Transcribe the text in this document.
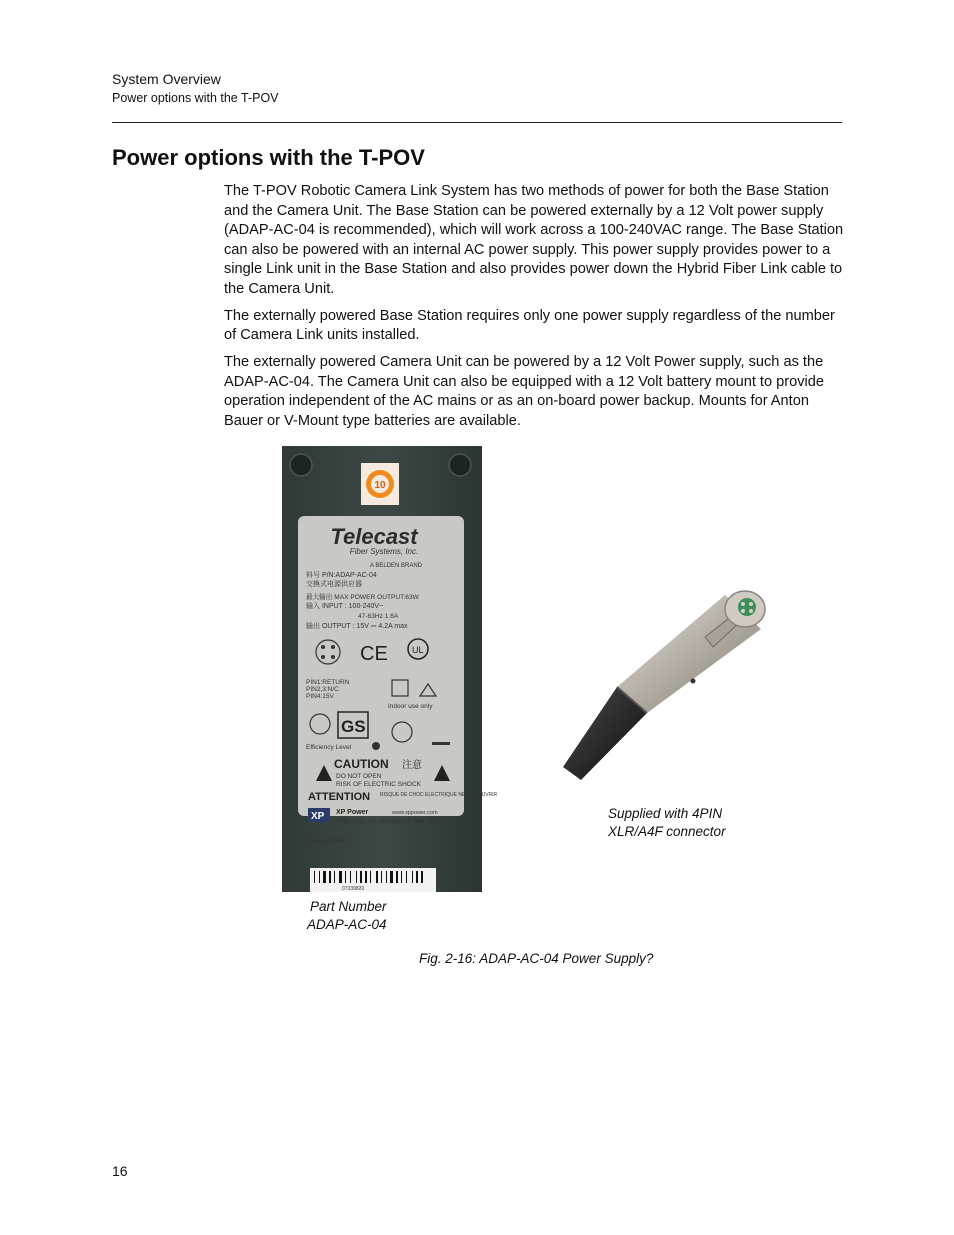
System Overview
Power options with the T-POV
Power options with the T-POV

The T-POV Robotic Camera Link System has two methods of power for both the Base Station and the Camera Unit. The Base Station can be powered externally by a 12 Volt power supply (ADAP-AC-04 is recommended), which will work across a 100-240VAC range. The Base Station can also be powered with an internal AC power supply. This power supply provides power to a single Link unit in the Base Station and also provides power down the Hybrid Fiber Link cable to the Camera Unit.

The externally powered Base Station requires only one power supply regardless of the number of Camera Link units installed.

The externally powered Camera Unit can be powered by a 12 Volt Power supply, such as the ADAP-AC-04. The Camera Unit can also be equipped with a 12 Volt battery mount to provide operation independent of the AC mains or as an on-board power backup. Mounts for Anton Bauer or V-Mount type batteries are available.

10
Telecast
Fiber Systems, Inc.
A BELDEN BRAND
料号 P/N:ADAP-AC-04
交換式电源供应器
最大输出 MAX POWER OUTPUT:63W
输入 INPUT : 100-240V~
47-63Hz 1.6A
输出 OUTPUT : 15V ⎓ 4.2A max
CE	UL
PIN1:RETURN
PIN2,3:N/C
PIN4:15V
Indoor use only
GS
Efficiency Level
CAUTION 注意
DO NOT OPEN
RISK OF ELECTRIC SHOCK
ATTENTION RISQUE DE CHOC ELECTRIQUE NE PAS OUVRIR
XP XP Power	www.xppower.com
型號MODEL NO.: AEL60US15 -XA0120A
Made in Taiwan
07339820
Supplied with 4PIN
XLR/A4F connector
Part Number
ADAP-AC-04
Fig. 2-16: ADAP-AC-04 Power Supply?
16
